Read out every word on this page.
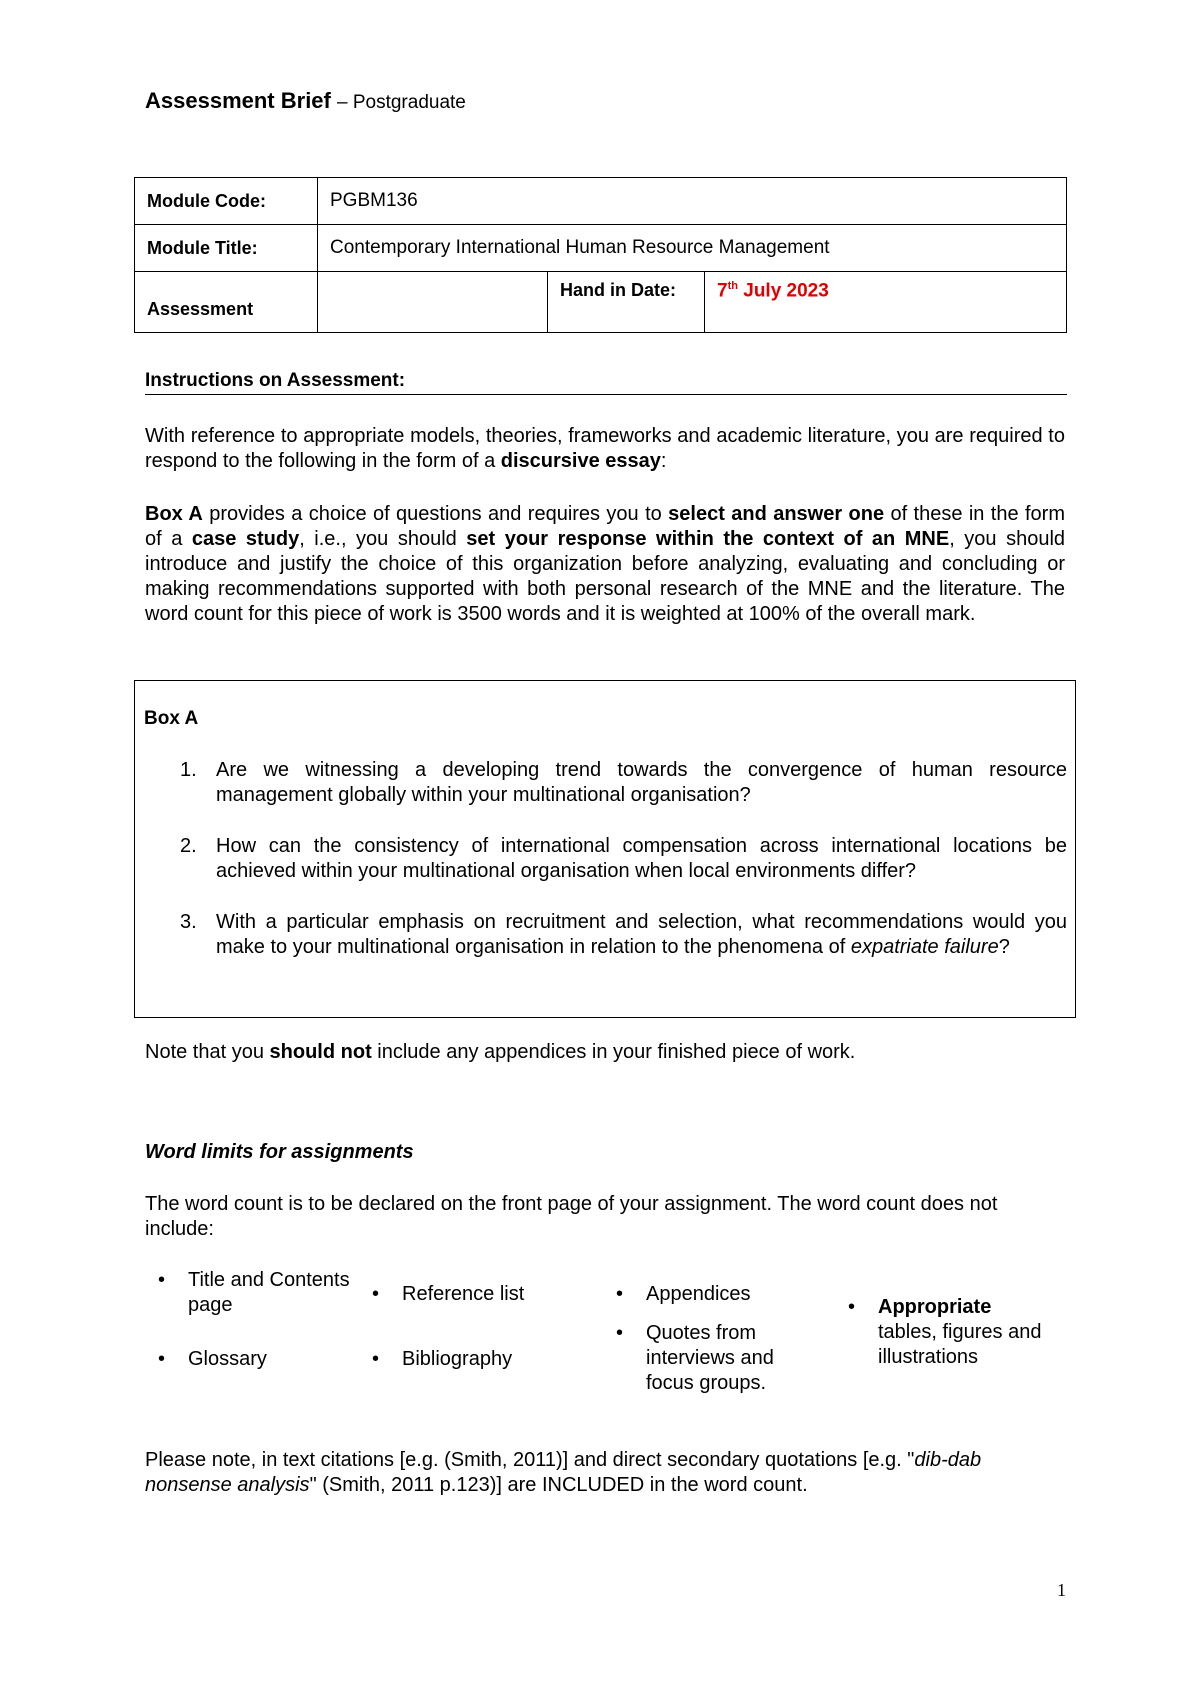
Assessment Brief – Postgraduate
Module Code:	PGBM136		
Module Title:	Contemporary International Human Resource Management		
Assessment		Hand in Date:	7th July 2023
Instructions on Assessment:
With reference to appropriate models, theories, frameworks and academic literature, you are required to respond to the following in the form of a discursive essay:
Box A provides a choice of questions and requires you to select and answer one of these in the form of a case study, i.e., you should set your response within the context of an MNE, you should introduce and justify the choice of this organization before analyzing, evaluating and concluding or making recommendations supported with both personal research of the MNE and the literature. The word count for this piece of work is 3500 words and it is weighted at 100% of the overall mark.
Box A
1. Are we witnessing a developing trend towards the convergence of human resource management globally within your multinational organisation?
2. How can the consistency of international compensation across international locations be achieved within your multinational organisation when local environments differ?
3. With a particular emphasis on recruitment and selection, what recommendations would you make to your multinational organisation in relation to the phenomena of expatriate failure?
Note that you should not include any appendices in your finished piece of work.
Word limits for assignments
The word count is to be declared on the front page of your assignment. The word count does not include:
• Title and Contents page
• Glossary
• Reference list
• Bibliography
• Appendices
• Quotes from interviews and focus groups.
• Appropriate
tables, figures and illustrations
Please note, in text citations [e.g. (Smith, 2011)] and direct secondary quotations [e.g. "dib-dab nonsense analysis" (Smith, 2011 p.123)] are INCLUDED in the word count.
1
